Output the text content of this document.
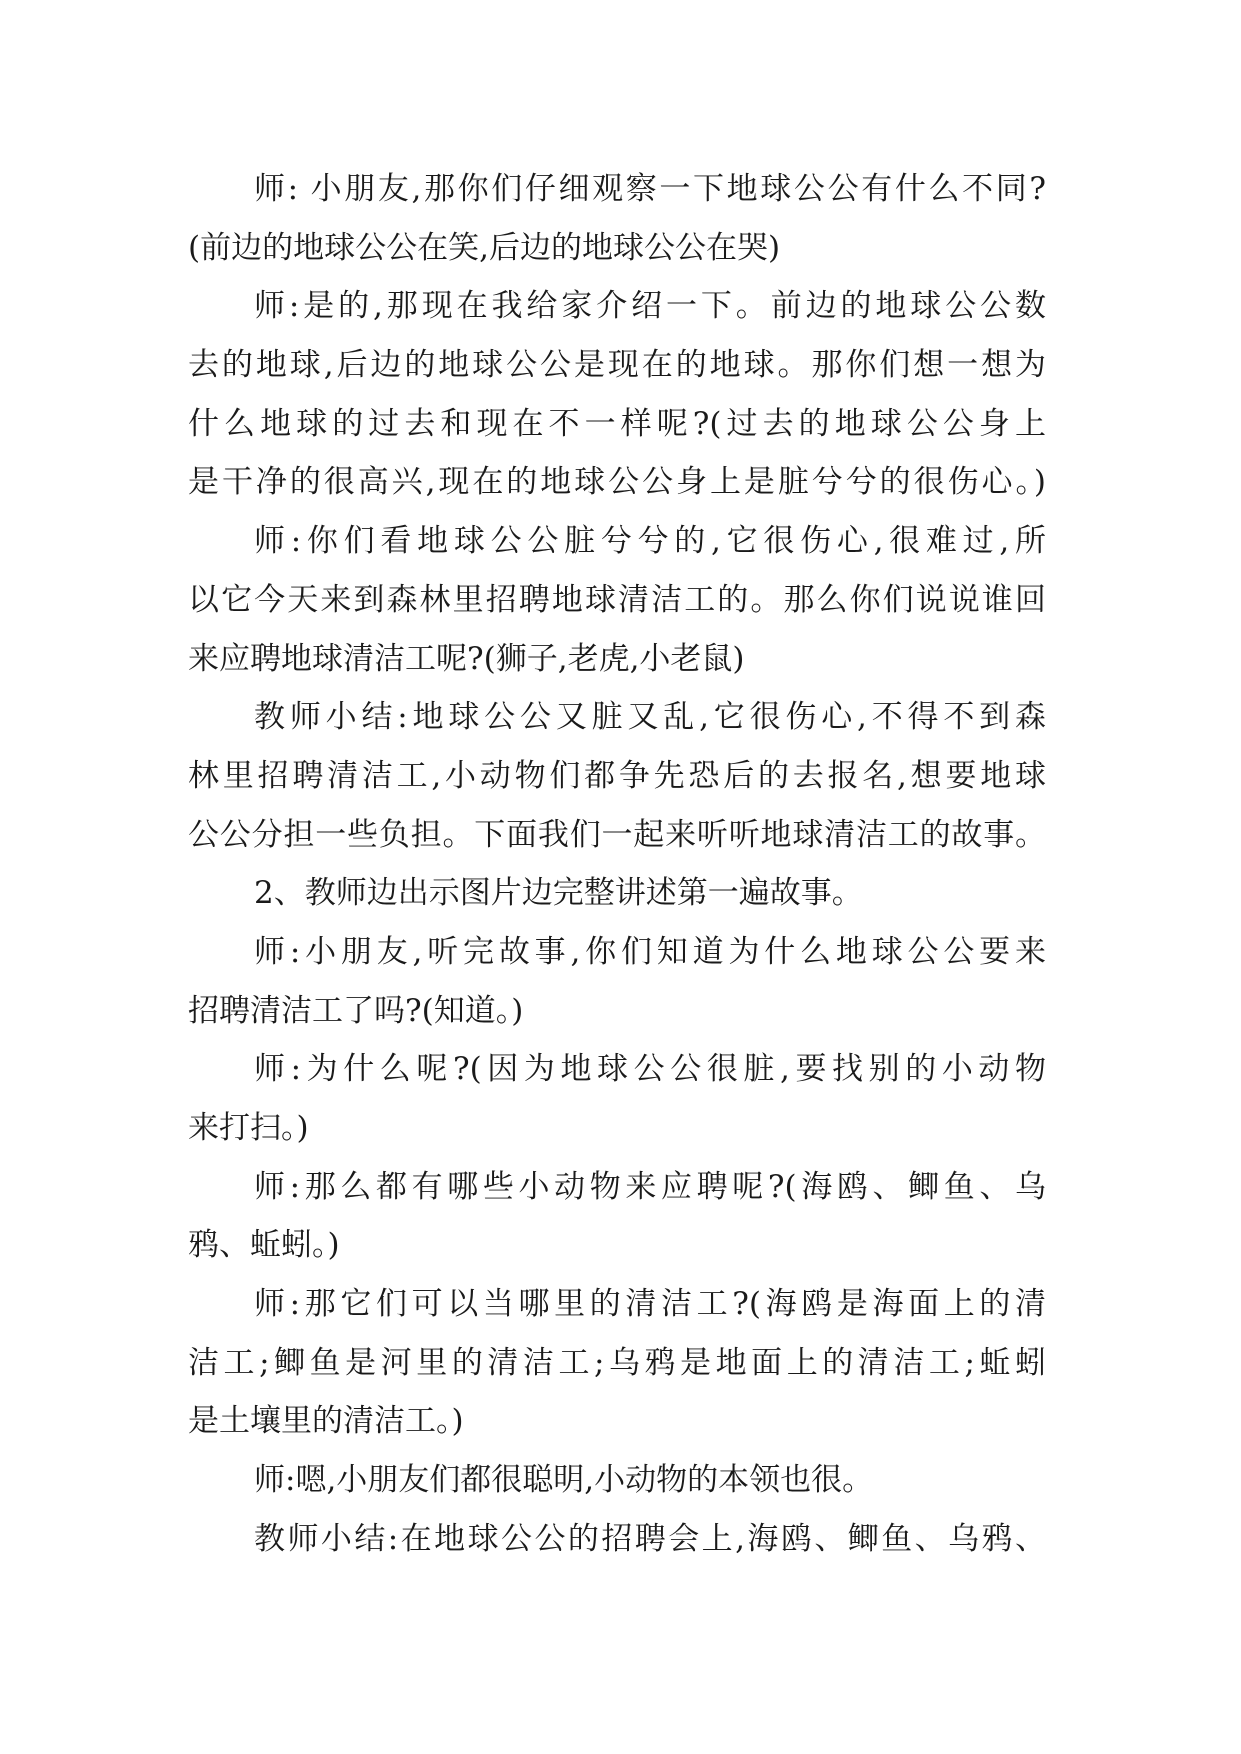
师: 小朋友,那你们仔细观察一下地球公公有什么不同?
(前边的地球公公在笑,后边的地球公公在哭)
师:是的,那现在我给家介绍一下。前边的地球公公数
去的地球,后边的地球公公是现在的地球。那你们想一想为
什么地球的过去和现在不一样呢?(过去的地球公公身上
是干净的很高兴,现在的地球公公身上是脏兮兮的很伤心。)
师:你们看地球公公脏兮兮的,它很伤心,很难过,所
以它今天来到森林里招聘地球清洁工的。那么你们说说谁回
来应聘地球清洁工呢?(狮子,老虎,小老鼠)
教师小结:地球公公又脏又乱,它很伤心,不得不到森
林里招聘清洁工,小动物们都争先恐后的去报名,想要地球
公公分担一些负担。下面我们一起来听听地球清洁工的故事。
2、教师边出示图片边完整讲述第一遍故事。
师:小朋友,听完故事,你们知道为什么地球公公要来
招聘清洁工了吗?(知道。)
师:为什么呢?(因为地球公公很脏,要找别的小动物
来打扫。)
师:那么都有哪些小动物来应聘呢?(海鸥、鲫鱼、乌
鸦、蚯蚓。)
师:那它们可以当哪里的清洁工?(海鸥是海面上的清
洁工;鲫鱼是河里的清洁工;乌鸦是地面上的清洁工;蚯蚓
是土壤里的清洁工。)
师:嗯,小朋友们都很聪明,小动物的本领也很。
教师小结:在地球公公的招聘会上,海鸥、鲫鱼、乌鸦、
